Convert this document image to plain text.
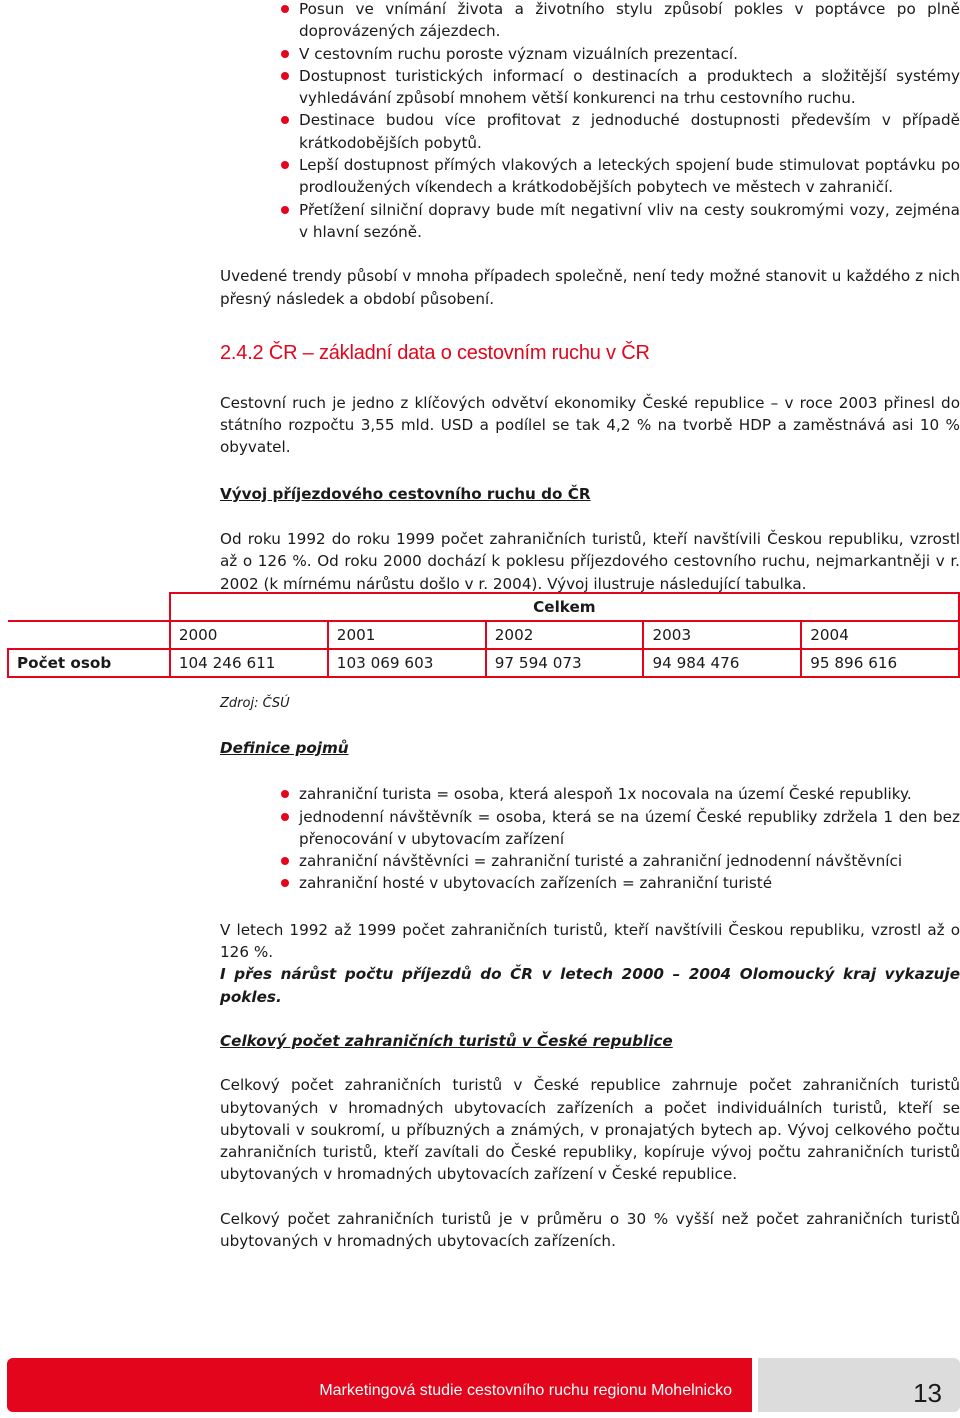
Posun ve vnímání života a životního stylu způsobí pokles v poptávce po plně doprovázených zájezdech.
V cestovním ruchu poroste význam vizuálních prezentací.
Dostupnost turistických informací o destinacích a produktech a složitější systémy vyhledávání způsobí mnohem větší konkurenci na trhu cestovního ruchu.
Destinace budou více profitovat z jednoduché dostupnosti především v případě krátkodobějších pobytů.
Lepší dostupnost přímých vlakových a leteckých spojení bude stimulovat poptávku po prodloužených víkendech a krátkodobějších pobytech ve městech v zahraničí.
Přetížení silniční dopravy bude mít negativní vliv na cesty soukromými vozy, zejména v hlavní sezóně.

Uvedené trendy působí v mnoha případech společně, není tedy možné stanovit u každého z nich přesný následek a období působení.

2.4.2 ČR – základní data o cestovním ruchu v ČR

Cestovní ruch je jedno z klíčových odvětví ekonomiky České republice – v roce 2003 přinesl do státního rozpočtu 3,55 mld. USD a podílel se tak 4,2 % na tvorbě HDP a zaměstnává asi 10 % obyvatel.

Vývoj příjezdového cestovního ruchu do ČR

Od roku 1992 do roku 1999 počet zahraničních turistů, kteří navštívili Českou republiku, vzrostl až o 126 %. Od roku 2000 dochází k poklesu příjezdového cestovního ruchu, nejmarkantněji v r. 2002 (k mírnému nárůstu došlo v r. 2004). Vývoj ilustruje následující tabulka.

	Celkem				
	2000	2001	2002	2003	2004
Počet osob	104 246 611	103 069 603	97 594 073	94 984 476	95 896 616
Zdroj: ČSÚ
Definice pojmů
zahraniční turista = osoba, která alespoň 1x nocovala na území České republiky.
jednodenní návštěvník = osoba, která se na území České republiky zdržela 1 den bez přenocování v ubytovacím zařízení
zahraniční návštěvníci = zahraniční turisté a zahraniční jednodenní návštěvníci
zahraniční hosté v ubytovacích zařízeních = zahraniční turisté

V letech 1992 až 1999 počet zahraničních turistů, kteří navštívili Českou republiku, vzrostl až o 126 %.

I přes nárůst počtu příjezdů do ČR v letech 2000 – 2004 Olomoucký kraj vykazuje pokles.

Celkový počet zahraničních turistů v České republice

Celkový počet zahraničních turistů v České republice zahrnuje počet zahraničních turistů ubytovaných v hromadných ubytovacích zařízeních a počet individuálních turistů, kteří se ubytovali v soukromí, u příbuzných a známých, v pronajatých bytech ap. Vývoj celkového počtu zahraničních turistů, kteří zavítali do České republiky, kopíruje vývoj počtu zahraničních turistů ubytovaných v hromadných ubytovacích zařízení v České republice.

Celkový počet zahraničních turistů je v průměru o 30 % vyšší než počet zahraničních turistů ubytovaných v hromadných ubytovacích zařízeních.

Marketingová studie cestovního ruchu regionu Mohelnicko	13
